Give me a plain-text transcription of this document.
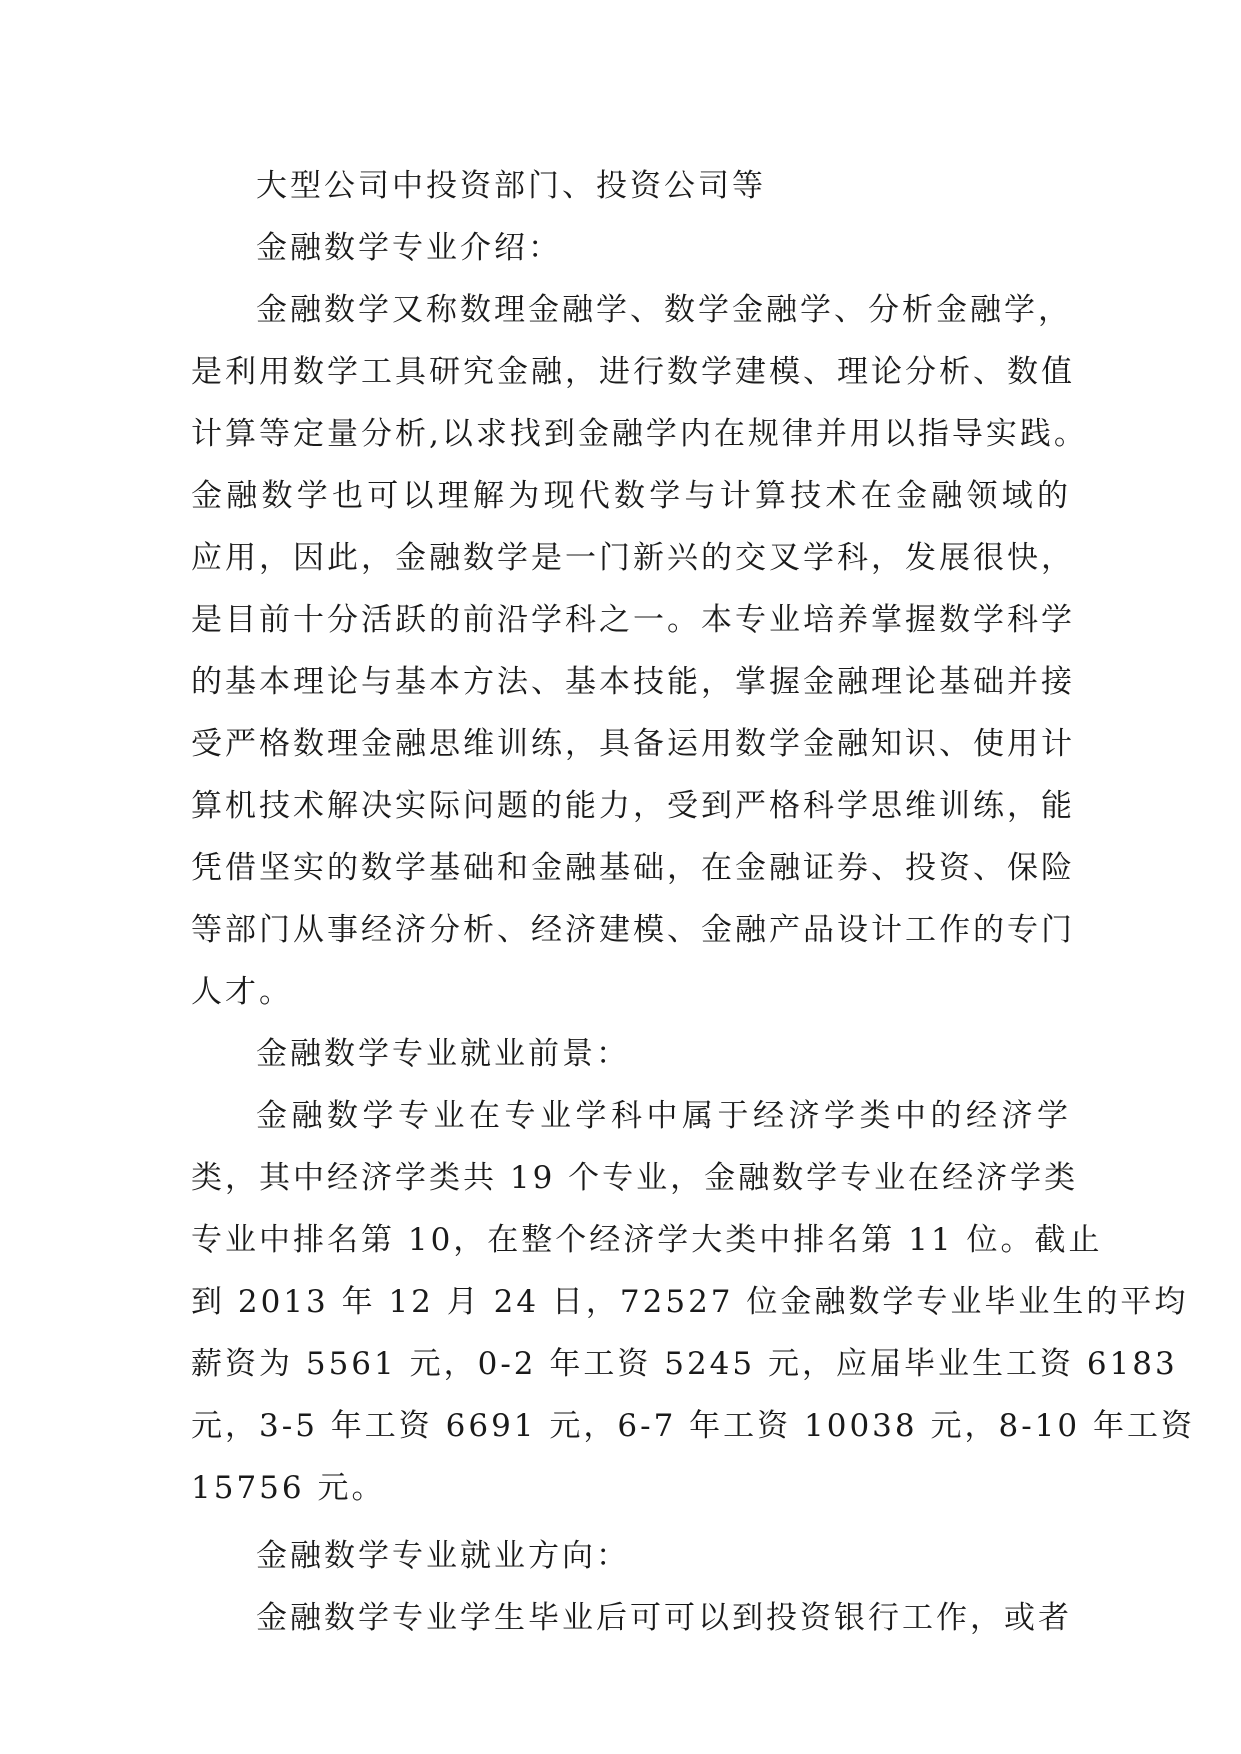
大型公司中投资部门、投资公司等
金融数学专业介绍：
金融数学又称数理金融学、数学金融学、分析金融学，
是利用数学工具研究金融，进行数学建模、理论分析、数值
计算等定量分析,以求找到金融学内在规律并用以指导实践。
金融数学也可以理解为现代数学与计算技术在金融领域的
应用，因此，金融数学是一门新兴的交叉学科，发展很快，
是目前十分活跃的前沿学科之一。本专业培养掌握数学科学
的基本理论与基本方法、基本技能，掌握金融理论基础并接
受严格数理金融思维训练，具备运用数学金融知识、使用计
算机技术解决实际问题的能力，受到严格科学思维训练，能
凭借坚实的数学基础和金融基础，在金融证券、投资、保险
等部门从事经济分析、经济建模、金融产品设计工作的专门
人才。
金融数学专业就业前景：
金融数学专业在专业学科中属于经济学类中的经济学
类，其中经济学类共 19 个专业，金融数学专业在经济学类
专业中排名第 10，在整个经济学大类中排名第 11 位。截止
到 2013 年 12 月 24 日，72527 位金融数学专业毕业生的平均
薪资为 5561 元，0-2 年工资 5245 元，应届毕业生工资 6183
元，3-5 年工资 6691 元，6-7 年工资 10038 元，8-10 年工资
15756 元。
金融数学专业就业方向：
金融数学专业学生毕业后可可以到投资银行工作，或者
